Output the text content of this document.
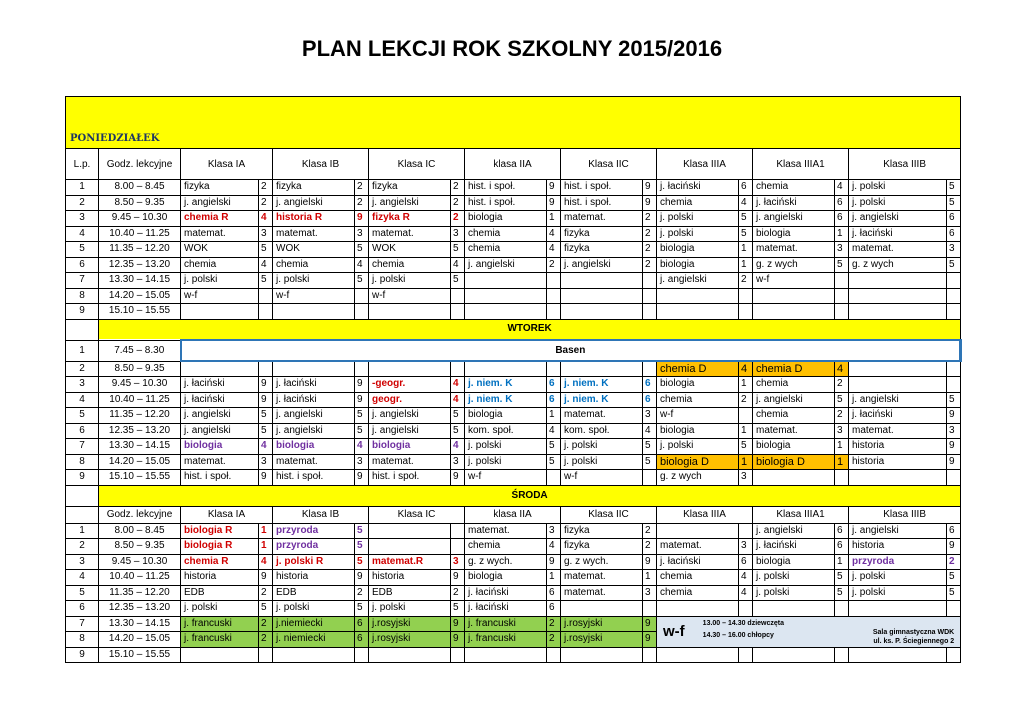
PLAN LEKCJI ROK SZKOLNY 2015/2016
PONIEDZIAŁEK																	
L.p.	Godz. lekcyjne	Klasa IA		Klasa IB		Klasa IC		klasa IIA		Klasa IIC		Klasa IIIA		Klasa IIIA1		Klasa IIIB	
1	8.00 – 8.45	fizyka	2	fizyka	2	fizyka	2	hist. i społ.	9	hist. i społ.	9	j. łaciński	6	chemia	4	j. polski	5
2	8.50 – 9.35	j. angielski	2	j. angielski	2	j. angielski	2	hist. i społ.	9	hist. i społ.	9	chemia	4	j. łaciński	6	j. polski	5
3	9.45 – 10.30	chemia R	4	historia R	9	fizyka R	2	biologia	1	matemat.	2	j. polski	5	j. angielski	6	j. angielski	6
4	10.40 – 11.25	matemat.	3	matemat.	3	matemat.	3	chemia	4	fizyka	2	j. polski	5	biologia	1	j. łaciński	6
5	11.35 – 12.20	WOK	5	WOK	5	WOK	5	chemia	4	fizyka	2	biologia	1	matemat.	3	matemat.	3
6	12.35 – 13.20	chemia	4	chemia	4	chemia	4	j. angielski	2	j. angielski	2	biologia	1	g. z wych	5	g. z wych	5
7	13.30 – 14.15	j. polski	5	j. polski	5	j. polski	5					j. angielski	2	w-f			
8	14.20 – 15.05	w-f		w-f		w-f											
9	15.10 – 15.55																
	WTOREK																
1	7.45 – 8.30	Basen															
2	8.50 – 9.35											chemia D	4	chemia D	4		
3	9.45 – 10.30	j. łaciński	9	j. łaciński	9	-geogr.	4	j. niem. K	6	j. niem. K	6	biologia	1	chemia	2		
4	10.40 – 11.25	j. łaciński	9	j. łaciński	9	geogr.	4	j. niem. K	6	j. niem. K	6	chemia	2	j. angielski	5	j. angielski	5
5	11.35 – 12.20	j. angielski	5	j. angielski	5	j. angielski	5	biologia	1	matemat.	3	w-f		chemia	2	j. łaciński	9
6	12.35 – 13.20	j. angielski	5	j. angielski	5	j. angielski	5	kom. społ.	4	kom. społ.	4	biologia	1	matemat.	3	matemat.	3
7	13.30 – 14.15	biologia	4	biologia	4	biologia	4	j. polski	5	j. polski	5	j. polski	5	biologia	1	historia	9
8	14.20 – 15.05	matemat.	3	matemat.	3	matemat.	3	j. polski	5	j. polski	5	biologia D	1	biologia D	1	historia	9
9	15.10 – 15.55	hist. i społ.	9	hist. i społ.	9	hist. i społ.	9	w-f		w-f		g. z wych	3				
	ŚRODA																
	Godz. lekcyjne	Klasa IA		Klasa IB		Klasa IC		klasa IIA		Klasa IIC		Klasa IIIA		Klasa IIIA1		Klasa IIIB	
1	8.00 – 8.45	biologia R	1	przyroda	5			matemat.	3	fizyka	2			j. angielski	6	j. angielski	6
2	8.50 – 9.35	biologia R	1	przyroda	5			chemia	4	fizyka	2	matemat.	3	j. łaciński	6	historia	9
3	9.45 – 10.30	chemia R	4	j. polski R	5	matemat.R	3	g. z wych.	9	g. z wych.	9	j. łaciński	6	biologia	1	przyroda	2
4	10.40 – 11.25	historia	9	historia	9	historia	9	biologia	1	matemat.	1	chemia	4	j. polski	5	j. polski	5
5	11.35 – 12.20	EDB	2	EDB	2	EDB	2	j. łaciński	6	matemat.	3	chemia	4	j. polski	5	j. polski	5
6	12.35 – 13.20	j. polski	5	j. polski	5	j. polski	5	j. łaciński	6								
7	13.30 – 14.15	j. francuski	2	j.niemiecki	6	j.rosyjski	9	j. francuski	2	j.rosyjski	9	w-f 13.00 – 14.30 dziewczęta
14.30 – 16.00 chłopcy Sala gimnastyczna WDK
ul. ks. P. Ściegiennego 2					

8	14.20 – 15.05	j. francuski	2	j. niemiecki	6	j.rosyjski	9	j. francuski	2	j.rosyjski	9						
9	15.10 – 15.55																
